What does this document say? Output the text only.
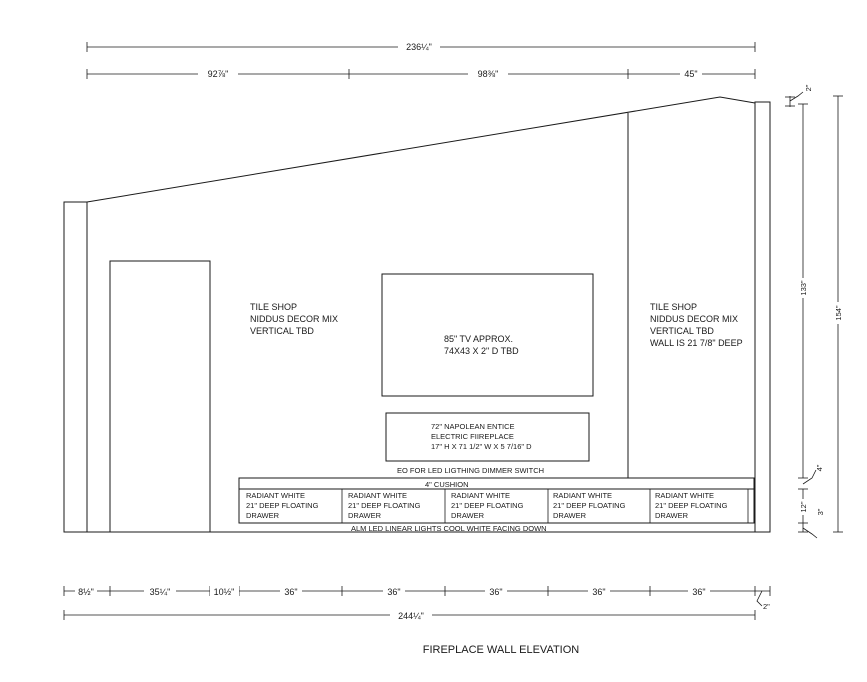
236¼"
92⅞"	98⅜"	45"
TILE SHOP
NIDDUS DECOR MIX
VERTICAL TBD
TILE SHOP
NIDDUS DECOR MIX
VERTICAL TBD
WALL IS 21 7/8" DEEP
85" TV APPROX.
74X43 X 2" D TBD
72" NAPOLEAN ENTICE
ELECTRIC FIIREPLACE
17" H X 71 1/2" W X 5 7/16" D
EO FOR LED LIGTHING DIMMER SWITCH
4" CUSHION
RADIANT WHITE
21" DEEP FLOATING
DRAWER
RADIANT WHITE
21" DEEP FLOATING
DRAWER
RADIANT WHITE
21" DEEP FLOATING
DRAWER
RADIANT WHITE
21" DEEP FLOATING
DRAWER
RADIANT WHITE
21" DEEP FLOATING
DRAWER
ALM LED LINEAR LIGHTS COOL WHITE FACING DOWN
2"
133"
154"
4"
12" 3"
8½"	35¼"	10½"	36"	36"	36"	36"	36"
2"
244¼"
FIREPLACE WALL ELEVATION
